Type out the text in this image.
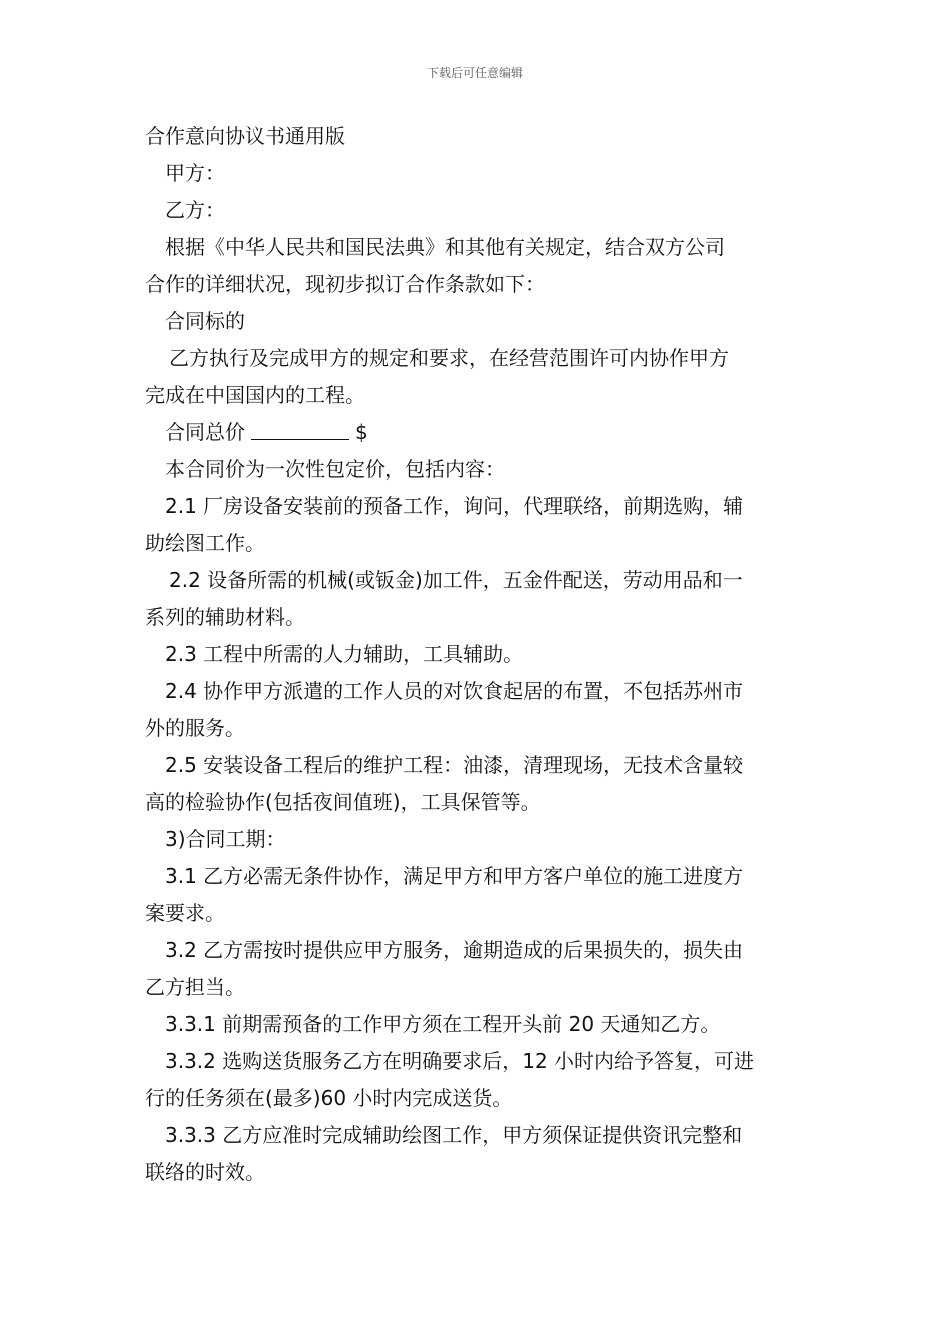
下载后可任意编辑
合作意向协议书通用版
甲方：
乙方：
根据《中华人民共和国民法典》和其他有关规定，结合双方公司
合作的详细状况，现初步拟订合作条款如下：
合同标的
乙方执行及完成甲方的规定和要求，在经营范围许可内协作甲方
完成在中国国内的工程。
合同总价	$
本合同价为一次性包定价，包括内容：
2.1 厂房设备安装前的预备工作，询问，代理联络，前期选购，辅
助绘图工作。
2.2 设备所需的机械(或钣金)加工件，五金件配送，劳动用品和一
系列的辅助材料。
2.3 工程中所需的人力辅助，工具辅助。
2.4 协作甲方派遣的工作人员的对饮食起居的布置，不包括苏州市
外的服务。
2.5 安装设备工程后的维护工程：油漆，清理现场，无技术含量较
高的检验协作(包括夜间值班)，工具保管等。
3)合同工期：
3.1 乙方必需无条件协作，满足甲方和甲方客户单位的施工进度方
案要求。
3.2 乙方需按时提供应甲方服务，逾期造成的后果损失的，损失由
乙方担当。
3.3.1 前期需预备的工作甲方须在工程开头前 20 天通知乙方。
3.3.2 选购送货服务乙方在明确要求后，12 小时内给予答复，可进
行的任务须在(最多)60 小时内完成送货。
3.3.3 乙方应准时完成辅助绘图工作，甲方须保证提供资讯完整和
联络的时效。
